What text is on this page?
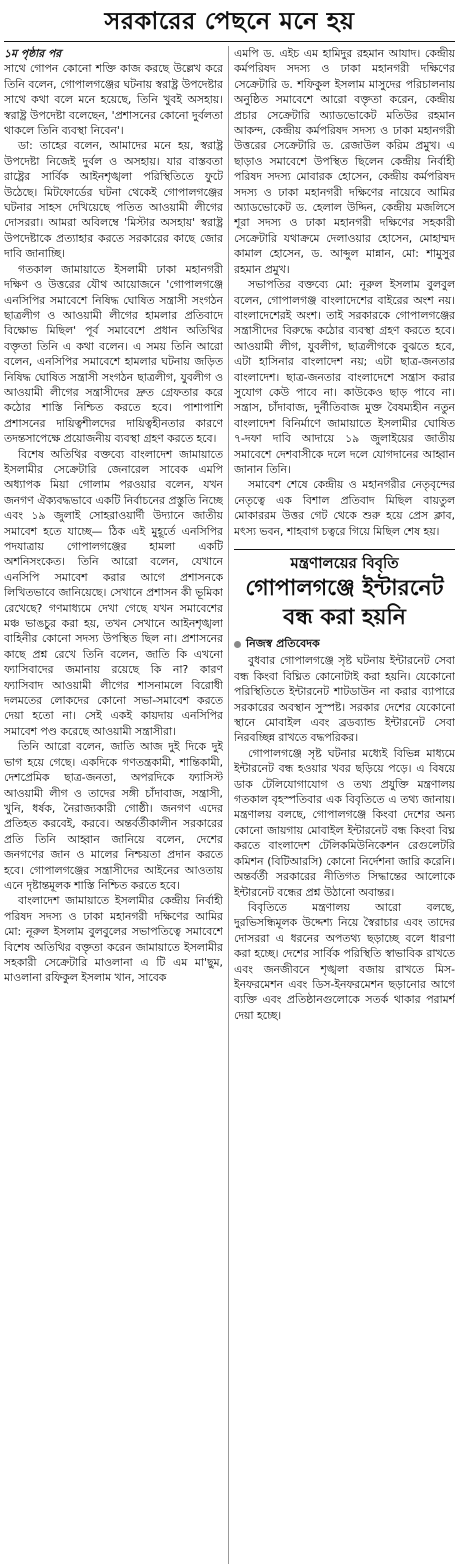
সরকারের পেছনে মনে হয়

১ম পৃষ্ঠার পর

সাথে গোপন কোনো শক্তি কাজ করছে উল্লেখ করে তিনি বলেন, গোপালগঞ্জের ঘটনায় স্বরাষ্ট্র উপদেষ্টার সাথে কথা বলে মনে হয়েছে, তিনি খুবই অসহায়। স্বরাষ্ট্র উপদেষ্টা বলেছেন, 'প্রশাসনের কোনো দুর্বলতা থাকলে তিনি ব্যবস্থা নিবেন'।

ডা: তাহের বলেন, আমাদের মনে হয়, স্বরাষ্ট্র উপদেষ্টা নিজেই দুর্বল ও অসহায়। যার বাস্তবতা রাষ্ট্রের সার্বিক আইনশৃঙ্খলা পরিস্থিতিতে ফুটে উঠেছে। মিটফোর্ডের ঘটনা থেকেই গোপালগঞ্জের ঘটনার সাহস দেখিয়েছে পতিত আওয়ামী লীগের দোসররা। আমরা অবিলম্বে 'মিস্টার অসহায়' স্বরাষ্ট্র উপদেষ্টাকে প্রত্যাহার করতে সরকারের কাছে জোর দাবি জানাচ্ছি।

গতকাল জামায়াতে ইসলামী ঢাকা মহানগরী দক্ষিণ ও উত্তরের যৌথ আয়োজনে 'গোপালগঞ্জে এনসিপির সমাবেশে নিষিদ্ধ ঘোষিত সন্ত্রাসী সংগঠন ছাত্রলীগ ও আওয়ামী লীগের হামলার প্রতিবাদে বিক্ষোভ মিছিল' পূর্ব সমাবেশে প্রধান অতিথির বক্তৃতা তিনি এ কথা বলেন। এ সময় তিনি আরো বলেন, এনসিপির সমাবেশে হামলার ঘটনায় জড়িত নিষিদ্ধ ঘোষিত সন্ত্রাসী সংগঠন ছাত্রলীগ, যুবলীগ ও আওয়ামী লীগের সন্ত্রাসীদের দ্রুত গ্রেফতার করে কঠোর শাস্তি নিশ্চিত করতে হবে। পাশাপাশি প্রশাসনের দায়িত্বশীলদের দায়িত্বহীনতার কারণে তদন্তসাপেক্ষে প্রয়োজনীয় ব্যবস্থা গ্রহণ করতে হবে।

বিশেষ অতিথির বক্তব্যে বাংলাদেশ জামায়াতে ইসলামীর সেক্রেটারি জেনারেল সাবেক এমপি অধ্যাপক মিয়া গোলাম পরওয়ার বলেন, যখন জনগণ ঐক্যবদ্ধভাবে একটি নির্বাচনের প্রস্তুতি নিচ্ছে এবং ১৯ জুলাই সোহরাওয়ার্দী উদ্যানে জাতীয় সমাবেশ হতে যাচ্ছে— ঠিক এই মুহূর্তে এনসিপির পদযাত্রায় গোপালগঞ্জের হামলা একটি অশনিসংকেত। তিনি আরো বলেন, যেখানে এনসিপি সমাবেশ করার আগে প্রশাসনকে লিখিতভাবে জানিয়েছে। সেখানে প্রশাসন কী ভূমিকা রেখেছে? গণমাধ্যমে দেখা গেছে যখন সমাবেশের মঞ্চ ভাঙচুর করা হয়, তখন সেখানে আইনশৃঙ্খলা বাহিনীর কোনো সদস্য উপস্থিত ছিল না। প্রশাসনের কাছে প্রশ্ন রেখে তিনি বলেন, জাতি কি এখনো ফ্যাসিবাদের জমানায় রয়েছে কি না? কারণ ফ্যাসিবাদ আওয়ামী লীগের শাসনামলে বিরোধী দলমতের লোকদের কোনো সভা-সমাবেশ করতে দেয়া হতো না। সেই একই কায়দায় এনসিপির সমাবেশ পণ্ড করেছে আওয়ামী সন্ত্রাসীরা।

তিনি আরো বলেন, জাতি আজ দুই দিকে দুই ভাগ হয়ে গেছে। একদিকে গণতন্ত্রকামী, শান্তিকামী, দেশপ্রেমিক ছাত্র-জনতা, অপরদিকে ফ্যাসিস্ট আওয়ামী লীগ ও তাদের সঙ্গী চাঁদাবাজ, সন্ত্রাসী, খুনি, ধর্ষক, নৈরাজ্যকারী গোষ্ঠী। জনগণ এদের প্রতিহত করবেই, করবে। অন্তর্বর্তীকালীন সরকারের প্রতি তিনি আহ্বান জানিয়ে বলেন, দেশের জনগণের জান ও মালের নিশ্চয়তা প্রদান করতে হবে। গোপালগঞ্জের সন্ত্রাসীদের আইনের আওতায় এনে দৃষ্টান্তমূলক শাস্তি নিশ্চিত করতে হবে।

বাংলাদেশ জামায়াতে ইসলামীর কেন্দ্রীয় নির্বাহী পরিষদ সদস্য ও ঢাকা মহানগরী দক্ষিণের আমির মো: নূরুল ইসলাম বুলবুলের সভাপতিত্বে সমাবেশে বিশেষ অতিথির বক্তৃতা করেন জামায়াতে ইসলামীর সহকারী সেক্রেটারি মাওলানা এ টি এম মা'ছুম, মাওলানা রফিকুল ইসলাম খান, সাবেক

এমপি ড. এইচ এম হামিদুর রহমান আযাদ। কেন্দ্রীয় কর্মপরিষদ সদস্য ও ঢাকা মহানগরী দক্ষিণের সেক্রেটারি ড. শফিকুল ইসলাম মাসুদের পরিচালনায় অনুষ্ঠিত সমাবেশে আরো বক্তৃতা করেন, কেন্দ্রীয় প্রচার সেক্রেটারি অ্যাডভোকেট মতিউর রহমান আকন্দ, কেন্দ্রীয় কর্মপরিষদ সদস্য ও ঢাকা মহানগরী উত্তরের সেক্রেটারি ড. রেজাউল করিম প্রমুখ। এ ছাড়াও সমাবেশে উপস্থিত ছিলেন কেন্দ্রীয় নির্বাহী পরিষদ সদস্য মোবারক হোসেন, কেন্দ্রীয় কর্মপরিষদ সদস্য ও ঢাকা মহানগরী দক্ষিণের নায়েবে আমির অ্যাডভোকেট ড. হেলাল উদ্দিন, কেন্দ্রীয় মজলিসে শূরা সদস্য ও ঢাকা মহানগরী দক্ষিণের সহকারী সেক্রেটারি যথাক্রমে দেলাওয়ার হোসেন, মোহাম্মদ কামাল হোসেন, ড. আব্দুল মান্নান, মো: শামুসুর রহমান প্রমুখ।

সভাপতির বক্তব্যে মো: নূরুল ইসলাম বুলবুল বলেন, গোপালগঞ্জ বাংলাদেশের বাইরের অংশ নয়। বাংলাদেশেরই অংশ। তাই সরকারকে গোপালগঞ্জের সন্ত্রাসীদের বিরুদ্ধে কঠোর ব্যবস্থা গ্রহণ করতে হবে। আওয়ামী লীগ, যুবলীগ, ছাত্রলীগকে বুঝতে হবে, এটা হাসিনার বাংলাদেশ নয়; এটা ছাত্র-জনতার বাংলাদেশ। ছাত্র-জনতার বাংলাদেশে সন্ত্রাস করার সুযোগ কেউ পাবে না। কাউকেও ছাড় পাবে না। সন্ত্রাস, চাঁদাবাজ, দুর্নীতিবাজ মুক্ত বৈষম্যহীন নতুন বাংলাদেশ বিনির্মাণে জামায়াতে ইসলামীর ঘোষিত ৭-দফা দাবি আদায়ে ১৯ জুলাইয়ের জাতীয় সমাবেশে দেশবাসীকে দলে দলে যোগদানের আহ্বান জানান তিনি।

সমাবেশ শেষে কেন্দ্রীয় ও মহানগরীর নেতৃবৃন্দের নেতৃত্বে এক বিশাল প্রতিবাদ মিছিল বায়তুল মোকাররম উত্তর গেট থেকে শুরু হয়ে প্রেস ক্লাব, মৎস্য ভবন, শাহবাগ চত্বরে গিয়ে মিছিল শেষ হয়।

মন্ত্রণালয়ের বিবৃতি
গোপালগঞ্জে ইন্টারনেট
বন্ধ করা হয়নি
নিজস্ব প্রতিবেদক

বুধবার গোপালগঞ্জে সৃষ্ট ঘটনায় ইন্টারনেট সেবা বন্ধ কিংবা বিঘ্নিত কোনোটাই করা হয়নি। যেকোনো পরিস্থিতিতে ইন্টারনেট শাটডাউন না করার ব্যাপারে সরকারের অবস্থান সুস্পষ্ট। সরকার দেশের যেকোনো স্থানে মোবাইল এবং ব্রডব্যান্ড ইন্টারনেট সেবা নিরবচ্ছিন্ন রাখতে বদ্ধপরিকর।

গোপালগঞ্জে সৃষ্ট ঘটনার মধ্যেই বিভিন্ন মাধ্যমে ইন্টারনেট বন্ধ হওয়ার খবর ছড়িয়ে পড়ে। এ বিষয়ে ডাক টেলিযোগাযোগ ও তথ্য প্রযুক্তি মন্ত্রণালয় গতকাল বৃহস্পতিবার এক বিবৃতিতে এ তথ্য জানায়। মন্ত্রণালয় বলছে, গোপালগঞ্জে কিংবা দেশের অন্য কোনো জায়গায় মোবাইল ইন্টারনেট বন্ধ কিংবা বিঘ্ন করতে বাংলাদেশ টেলিকমিউনিকেশন রেগুলেটরি কমিশন (বিটিআরসি) কোনো নির্দেশনা জারি করেনি। অন্তর্বর্তী সরকারের নীতিগত সিদ্ধান্তের আলোকে ইন্টারনেট বন্ধের প্রশ্ন উঠানো অবান্তর।

বিবৃতিতে মন্ত্রণালয় আরো বলছে, দুরভিসন্ধিমূলক উদ্দেশ্য নিয়ে স্বৈরাচার এবং তাদের দোসররা এ ধরনের অপতথ্য ছড়াচ্ছে বলে ধারণা করা হচ্ছে। দেশের সার্বিক পরিস্থিতি স্বাভাবিক রাখতে এবং জনজীবনে শৃঙ্খলা বজায় রাখতে মিস-ইনফরমেশন এবং ডিস-ইনফরমেশন ছড়ানোর আগে ব্যক্তি এবং প্রতিষ্ঠানগুলোকে সতর্ক থাকার পরামর্শ দেয়া হচ্ছে।
